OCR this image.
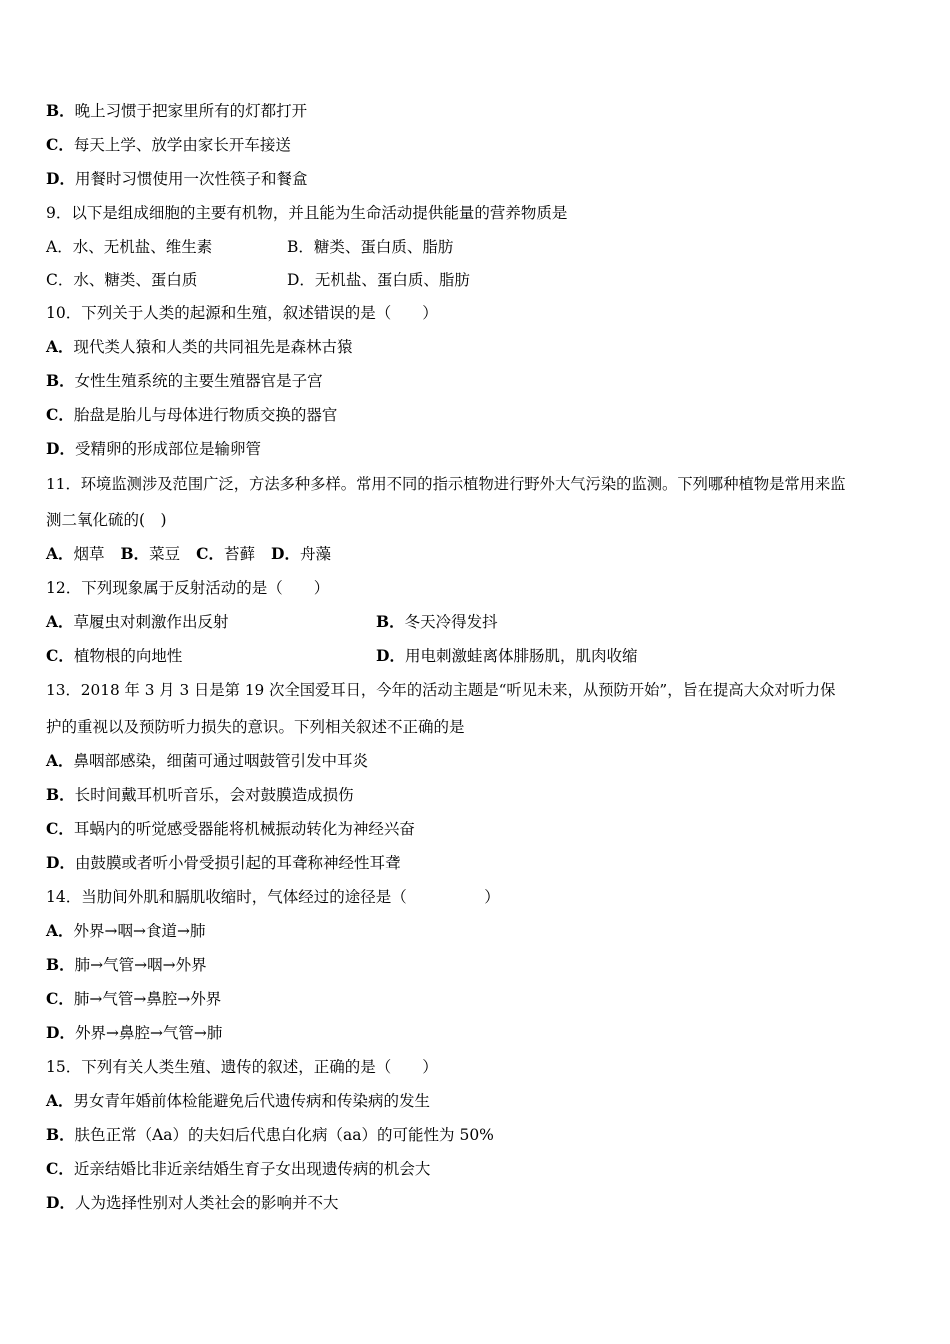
B．晚上习惯于把家里所有的灯都打开
C．每天上学、放学由家长开车接送
D．用餐时习惯使用一次性筷子和餐盒
9．以下是组成细胞的主要有机物，并且能为生命活动提供能量的营养物质是
A．水、无机盐、维生素	B．糖类、蛋白质、脂肪
C．水、糖类、蛋白质	D．无机盐、蛋白质、脂肪
10．下列关于人类的起源和生殖，叙述错误的是（　　）
A．现代类人猿和人类的共同祖先是森林古猿
B．女性生殖系统的主要生殖器官是子宫
C．胎盘是胎儿与母体进行物质交换的器官
D．受精卵的形成部位是输卵管
11．环境监测涉及范围广泛，方法多种多样。常用不同的指示植物进行野外大气污染的监测。下列哪种植物是常用来监
测二氧化硫的(　)
A．烟草 B．菜豆 C．苔藓 D．舟藻
12．下列现象属于反射活动的是（　　）
A．草履虫对刺激作出反射	B．冬天冷得发抖
C．植物根的向地性	D．用电刺激蛙离体腓肠肌，肌肉收缩
13．2018 年 3 月 3 日是第 19 次全国爱耳日，今年的活动主题是“听见未来，从预防开始”，旨在提高大众对听力保
护的重视以及预防听力损失的意识。下列相关叙述不正确的是
A．鼻咽部感染，细菌可通过咽鼓管引发中耳炎
B．长时间戴耳机听音乐，会对鼓膜造成损伤
C．耳蜗内的听觉感受器能将机械振动转化为神经兴奋
D．由鼓膜或者听小骨受损引起的耳聋称神经性耳聋
14．当肋间外肌和膈肌收缩时，气体经过的途径是（　　　　　）
A．外界→咽→食道→肺
B．肺→气管→咽→外界
C．肺→气管→鼻腔→外界
D．外界→鼻腔→气管→肺
15．下列有关人类生殖、遗传的叙述，正确的是（　　）
A．男女青年婚前体检能避免后代遗传病和传染病的发生
B．肤色正常（Aa）的夫妇后代患白化病（aa）的可能性为 50%
C．近亲结婚比非近亲结婚生育子女出现遗传病的机会大
D．人为选择性别对人类社会的影响并不大
